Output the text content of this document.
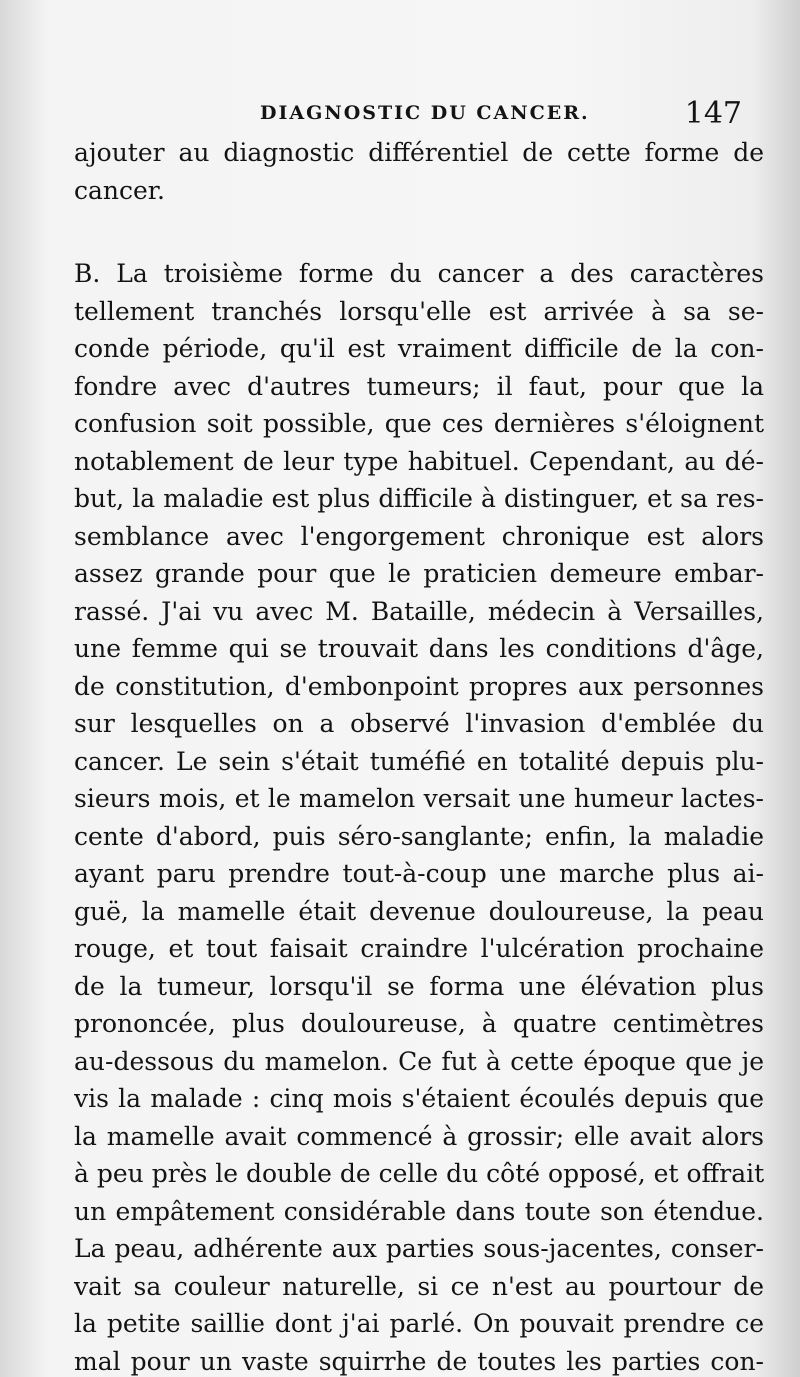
DIAGNOSTIC DU CANCER.	147
ajouter au diagnostic différentiel de cette forme de
cancer.
B. La troisième forme du cancer a des caractères
tellement tranchés lorsqu'elle est arrivée à sa se-
conde période, qu'il est vraiment difficile de la con-
fondre avec d'autres tumeurs; il faut, pour que la
confusion soit possible, que ces dernières s'éloignent
notablement de leur type habituel. Cependant, au dé-
but, la maladie est plus difficile à distinguer, et sa res-
semblance avec l'engorgement chronique est alors
assez grande pour que le praticien demeure embar-
rassé. J'ai vu avec M. Bataille, médecin à Versailles,
une femme qui se trouvait dans les conditions d'âge,
de constitution, d'embonpoint propres aux personnes
sur lesquelles on a observé l'invasion d'emblée du
cancer. Le sein s'était tuméfié en totalité depuis plu-
sieurs mois, et le mamelon versait une humeur lactes-
cente d'abord, puis séro-sanglante; enfin, la maladie
ayant paru prendre tout-à-coup une marche plus ai-
guë, la mamelle était devenue douloureuse, la peau
rouge, et tout faisait craindre l'ulcération prochaine
de la tumeur, lorsqu'il se forma une élévation plus
prononcée, plus douloureuse, à quatre centimètres
au-dessous du mamelon. Ce fut à cette époque que je
vis la malade : cinq mois s'étaient écoulés depuis que
la mamelle avait commencé à grossir; elle avait alors
à peu près le double de celle du côté opposé, et offrait
un empâtement considérable dans toute son étendue.
La peau, adhérente aux parties sous-jacentes, conser-
vait sa couleur naturelle, si ce n'est au pourtour de
la petite saillie dont j'ai parlé. On pouvait prendre ce
mal pour un vaste squirrhe de toutes les parties con-
